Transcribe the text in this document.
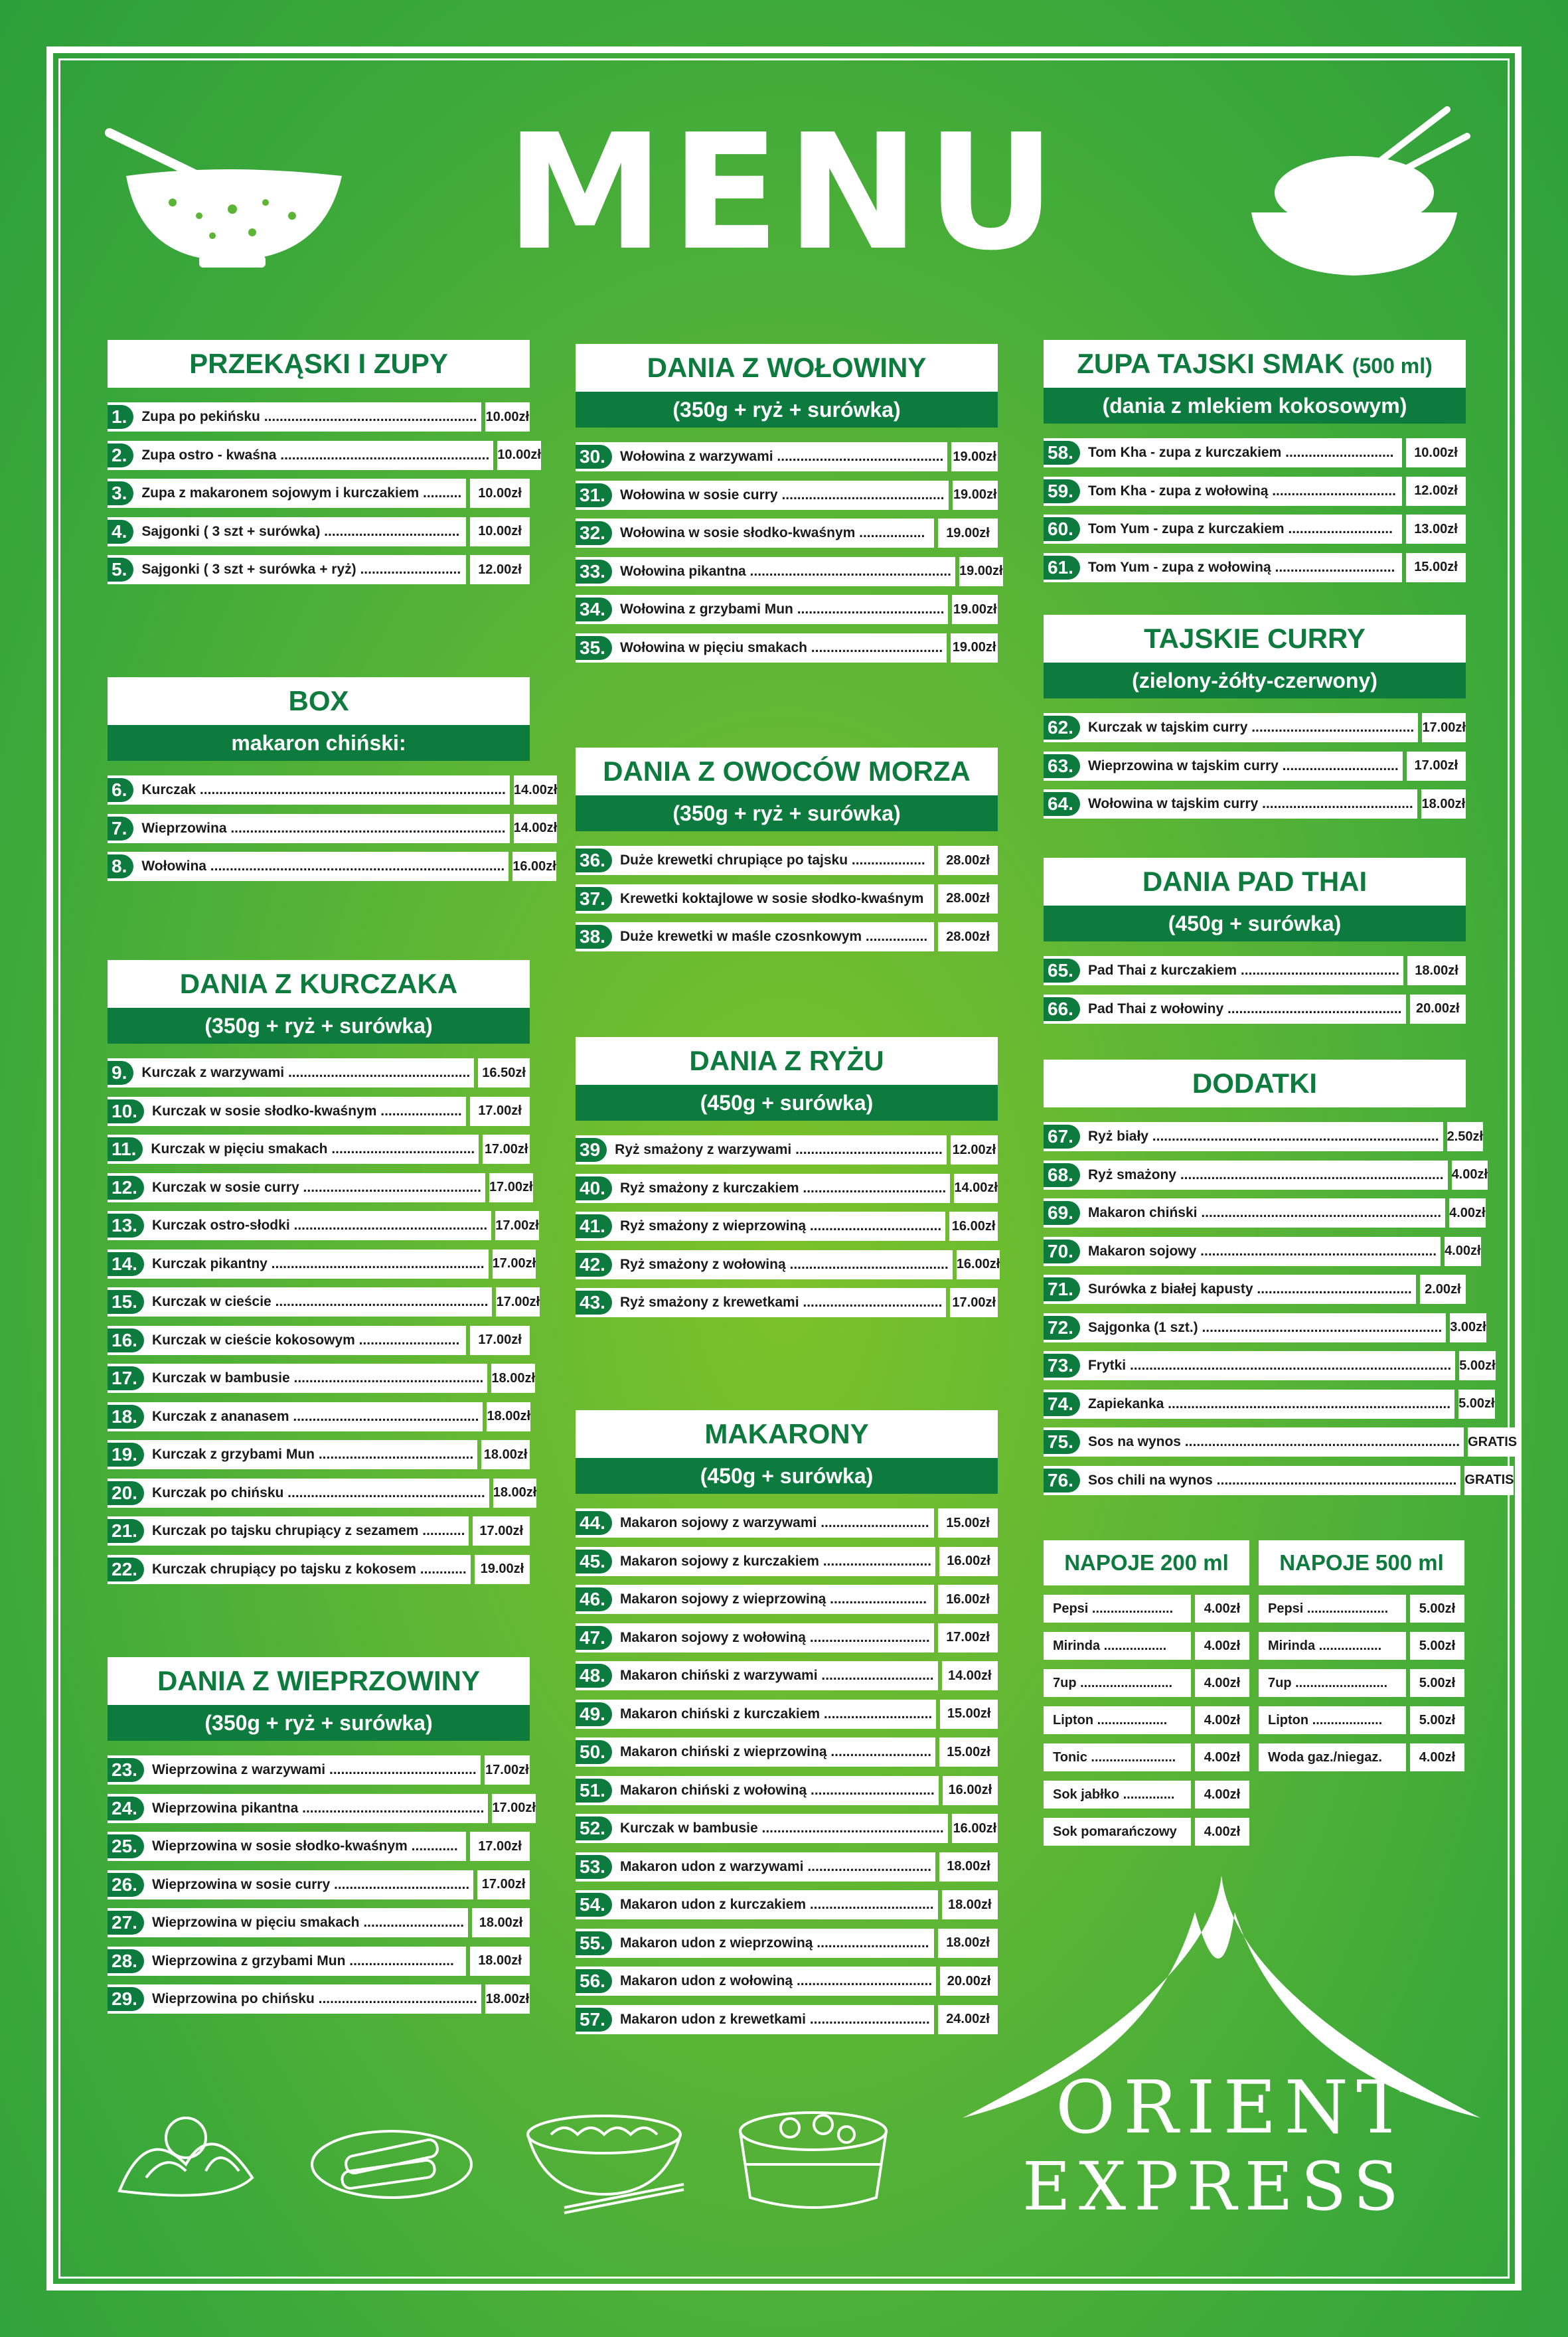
MENU
PRZEKĄSKI I ZUPY
1.	Zupa po pekińsku ....................................................... 10.00zł
2.	Zupa ostro - kwaśna ...................................................... 10.00zł
3.	Zupa z makaronem sojowym i kurczakiem ..........	10.00zł
4.	Sajgonki ( 3 szt + surówka) ...................................	10.00zł
5.	Sajgonki ( 3 szt + surówka + ryż) ..........................	12.00zł
BOX
makaron chiński:
6.	Kurczak ............................................................................... 14.00zł
7.	Wieprzowina ....................................................................... 14.00zł
8.	Wołowina ............................................................................ 16.00zł
DANIA Z KURCZAKA
(350g + ryż + surówka)
9.	Kurczak z warzywami ............................................... 16.50zł
10.	Kurczak w sosie słodko-kwaśnym .....................	17.00zł
11.	Kurczak w pięciu smakach ..................................... 17.00zł
12.	Kurczak w sosie curry .............................................. 17.00zł
13.	Kurczak ostro-słodki .................................................. 17.00zł
14.	Kurczak pikantny ....................................................... 17.00zł
15.	Kurczak w cieście ....................................................... 17.00zł
16.	Kurczak w cieście kokosowym ..........................	17.00zł
17.	Kurczak w bambusie ................................................. 18.00zł
18.	Kurczak z ananasem ................................................ 18.00zł
19.	Kurczak z grzybami Mun ........................................ 18.00zł
20.	Kurczak po chińsku ................................................... 18.00zł
21.	Kurczak po tajsku chrupiący z sezamem ...........	17.00zł
22.	Kurczak chrupiący po tajsku z kokosem ............	19.00zł
DANIA Z WIEPRZOWINY
(350g + ryż + surówka)
23.	Wieprzowina z warzywami ...................................... 17.00zł
24.	Wieprzowina pikantna ............................................... 17.00zł
25.	Wieprzowina w sosie słodko-kwaśnym ............	17.00zł
26.	Wieprzowina w sosie curry ................................... 17.00zł
27.	Wieprzowina w pięciu smakach ..........................	18.00zł
28.	Wieprzowina z grzybami Mun ...........................	18.00zł
29.	Wieprzowina po chińsku ......................................... 18.00zł
DANIA Z WOŁOWINY
(350g + ryż + surówka)
30.	Wołowina z warzywami ........................................... 19.00zł
31.	Wołowina w sosie curry .......................................... 19.00zł
32.	Wołowina w sosie słodko-kwaśnym .................	19.00zł
33.	Wołowina pikantna .................................................... 19.00zł
34.	Wołowina z grzybami Mun ...................................... 19.00zł
35.	Wołowina w pięciu smakach .................................. 19.00zł
DANIA Z OWOCÓW MORZA
(350g + ryż + surówka)
36.	Duże krewetki chrupiące po tajsku ...................	28.00zł
37.	Krewetki koktajlowe w sosie słodko-kwaśnym	28.00zł
38.	Duże krewetki w maśle czosnkowym ................	28.00zł
DANIA Z RYŻU
(450g + surówka)
39	Ryż smażony z warzywami ...................................... 12.00zł
40.	Ryż smażony z kurczakiem ..................................... 14.00zł
41.	Ryż smażony z wieprzowiną .................................. 16.00zł
42.	Ryż smażony z wołowiną ......................................... 16.00zł
43.	Ryż smażony z krewetkami .................................... 17.00zł
MAKARONY
(450g + surówka)
44.	Makaron sojowy z warzywami ............................	15.00zł
45.	Makaron sojowy z kurczakiem ............................	16.00zł
46.	Makaron sojowy z wieprzowiną .........................	16.00zł
47.	Makaron sojowy z wołowiną ...............................	17.00zł
48.	Makaron chiński z warzywami .............................	14.00zł
49.	Makaron chiński z kurczakiem ............................	15.00zł
50.	Makaron chiński z wieprzowiną ..........................	15.00zł
51.	Makaron chiński z wołowiną ................................	16.00zł
52.	Kurczak w bambusie ............................................... 16.00zł
53.	Makaron udon z warzywami ................................	18.00zł
54.	Makaron udon z kurczakiem ................................	18.00zł
55.	Makaron udon z wieprzowiną .............................	18.00zł
56.	Makaron udon z wołowiną ...................................	20.00zł
57.	Makaron udon z krewetkami ...............................	24.00zł
ZUPA TAJSKI SMAK (500 ml)
(dania z mlekiem kokosowym)
58.	Tom Kha - zupa z kurczakiem ............................	10.00zł
59.	Tom Kha - zupa z wołowiną ................................	12.00zł
60.	Tom Yum - zupa z kurczakiem ...........................	13.00zł
61.	Tom Yum - zupa z wołowiną ...............................	15.00zł
TAJSKIE CURRY
(zielony-żółty-czerwony)
62.	Kurczak w tajskim curry .......................................... 17.00zł
63.	Wieprzowina w tajskim curry ..............................	17.00zł
64.	Wołowina w tajskim curry ....................................... 18.00zł
DANIA PAD THAI
(450g + surówka)
65.	Pad Thai z kurczakiem .........................................	18.00zł
66.	Pad Thai z wołowiny .............................................	20.00zł
DODATKI
67.	Ryż biały .......................................................................... 2.50zł
68.	Ryż smażony .................................................................... 4.00zł
69.	Makaron chiński .............................................................. 4.00zł
70.	Makaron sojowy ............................................................. 4.00zł
71.	Surówka z białej kapusty ........................................ 2.00zł
72.	Sajgonka (1 szt.) .............................................................. 3.00zł
73.	Frytki ................................................................................... 5.00zł
74.	Zapiekanka ......................................................................... 5.00zł
75.	Sos na wynos ....................................................................... GRATIS
76.	Sos chili na wynos .............................................................. GRATIS
NAPOJE 200 ml
Pepsi ......................	4.00zł
Mirinda .................	4.00zł
7up .........................	4.00zł
Lipton ...................	4.00zł
Tonic .......................	4.00zł
Sok jabłko ..............	4.00zł
Sok pomarańczowy	4.00zł
NAPOJE 500 ml
Pepsi ......................	5.00zł
Mirinda .................	5.00zł
7up .........................	5.00zł
Lipton ...................	5.00zł
Woda gaz./niegaz.	4.00zł
ORIENT
EXPRESS
